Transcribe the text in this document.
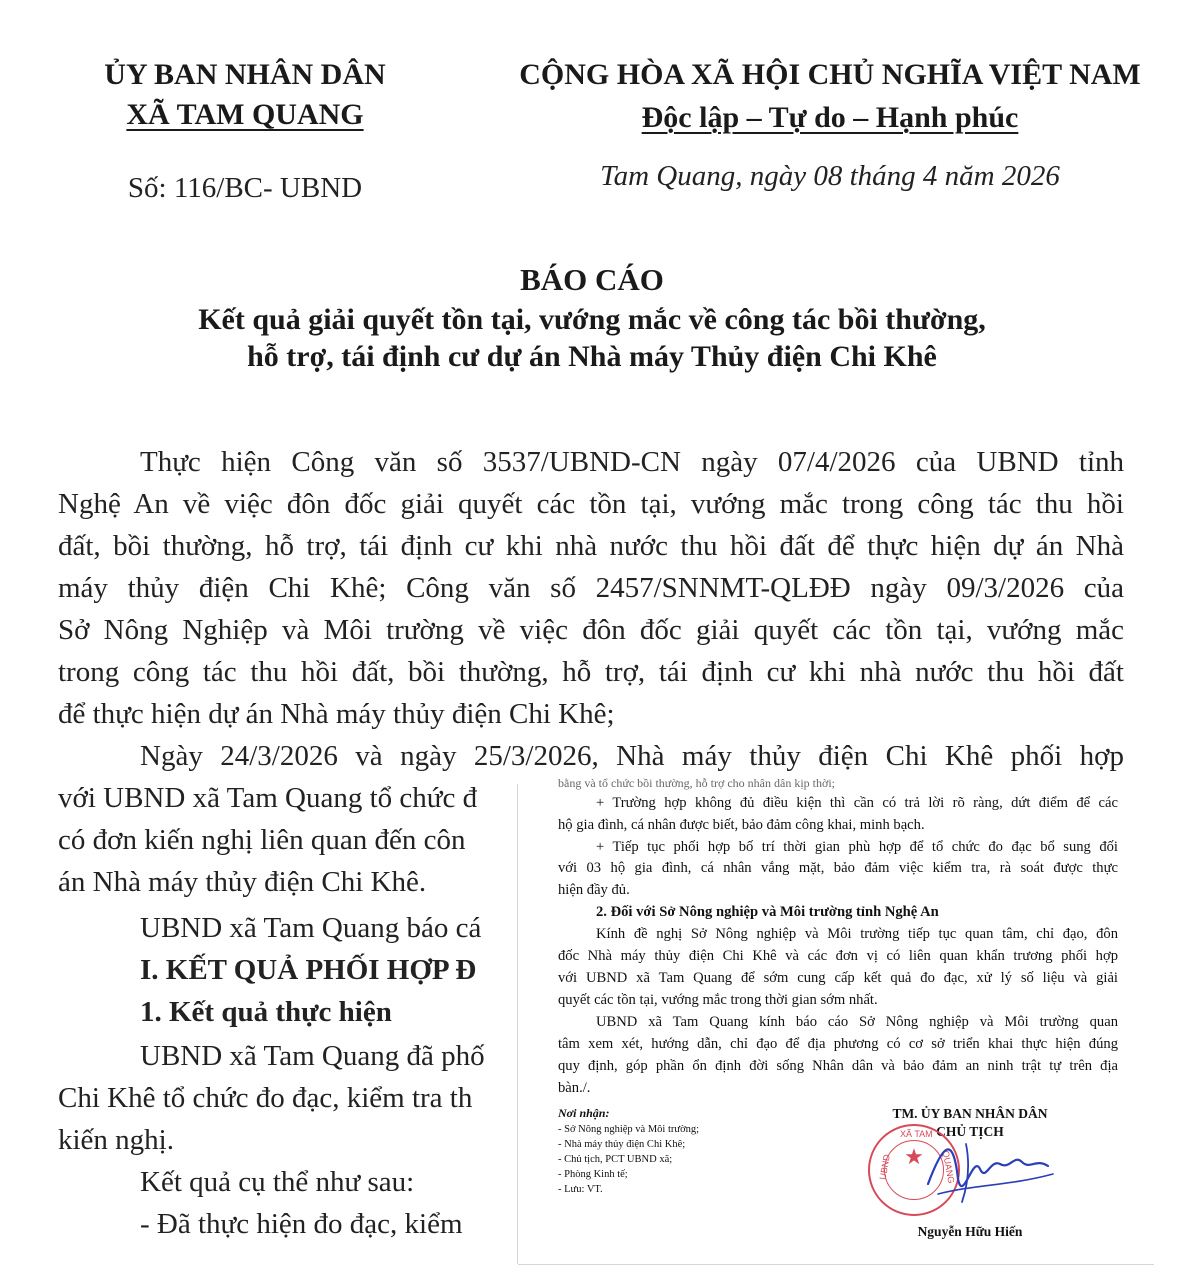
ỦY BAN NHÂN DÂN
XÃ TAM QUANG
Số: 116/BC- UBND
CỘNG HÒA XÃ HỘI CHỦ NGHĨA VIỆT NAM
Độc lập – Tự do – Hạnh phúc
Tam Quang, ngày 08 tháng 4 năm 2026
BÁO CÁO
Kết quả giải quyết tồn tại, vướng mắc về công tác bồi thường,
hỗ trợ, tái định cư dự án Nhà máy Thủy điện Chi Khê
Thực hiện Công văn số 3537/UBND-CN ngày 07/4/2026 của UBND tỉnh
Nghệ An về việc đôn đốc giải quyết các tồn tại, vướng mắc trong công tác thu hồi
đất, bồi thường, hỗ trợ, tái định cư khi nhà nước thu hồi đất để thực hiện dự án Nhà
máy thủy điện Chi Khê; Công văn số 2457/SNNMT-QLĐĐ ngày 09/3/2026 của
Sở Nông Nghiệp và Môi trường về việc đôn đốc giải quyết các tồn tại, vướng mắc
trong công tác thu hồi đất, bồi thường, hỗ trợ, tái định cư khi nhà nước thu hồi đất
để thực hiện dự án Nhà máy thủy điện Chi Khê;
Ngày 24/3/2026 và ngày 25/3/2026, Nhà máy thủy điện Chi Khê phối hợp
với UBND xã Tam Quang tổ chức đ
có đơn kiến nghị liên quan đến côn
án Nhà máy thủy điện Chi Khê.
UBND xã Tam Quang báo cá
I. KẾT QUẢ PHỐI HỢP Đ
1. Kết quả thực hiện
UBND xã Tam Quang đã phố
Chi Khê tổ chức đo đạc, kiểm tra th
kiến nghị.
Kết quả cụ thể như sau:
- Đã thực hiện đo đạc, kiểm
bằng và tổ chức bồi thường, hỗ trợ cho nhân dân kịp thời;
+ Trường hợp không đủ điều kiện thì cần có trả lời rõ ràng, dứt điểm để các
hộ gia đình, cá nhân được biết, bảo đảm công khai, minh bạch.
+ Tiếp tục phối hợp bố trí thời gian phù hợp để tổ chức đo đạc bổ sung đối
với 03 hộ gia đình, cá nhân vắng mặt, bảo đảm việc kiểm tra, rà soát được thực
hiện đầy đủ.
2. Đối với Sở Nông nghiệp và Môi trường tỉnh Nghệ An
Kính đề nghị Sở Nông nghiệp và Môi trường tiếp tục quan tâm, chỉ đạo, đôn
đốc Nhà máy thủy điện Chi Khê và các đơn vị có liên quan khẩn trương phối hợp
với UBND xã Tam Quang để sớm cung cấp kết quả đo đạc, xử lý số liệu và giải
quyết các tồn tại, vướng mắc trong thời gian sớm nhất.
UBND xã Tam Quang kính báo cáo Sở Nông nghiệp và Môi trường quan
tâm xem xét, hướng dẫn, chỉ đạo để địa phương có cơ sở triển khai thực hiện đúng
quy định, góp phần ổn định đời sống Nhân dân và bảo đảm an ninh trật tự trên địa
bàn./.
Nơi nhận:
- Sở Nông nghiệp và Môi trường;
- Nhà máy thủy điện Chi Khê;
- Chủ tịch, PCT UBND xã;
- Phòng Kinh tế;
- Lưu: VT.
TM. ỦY BAN NHÂN DÂN
CHỦ TỊCH
★
UBND
XÃ TAM
QUANG
Nguyễn Hữu Hiến
